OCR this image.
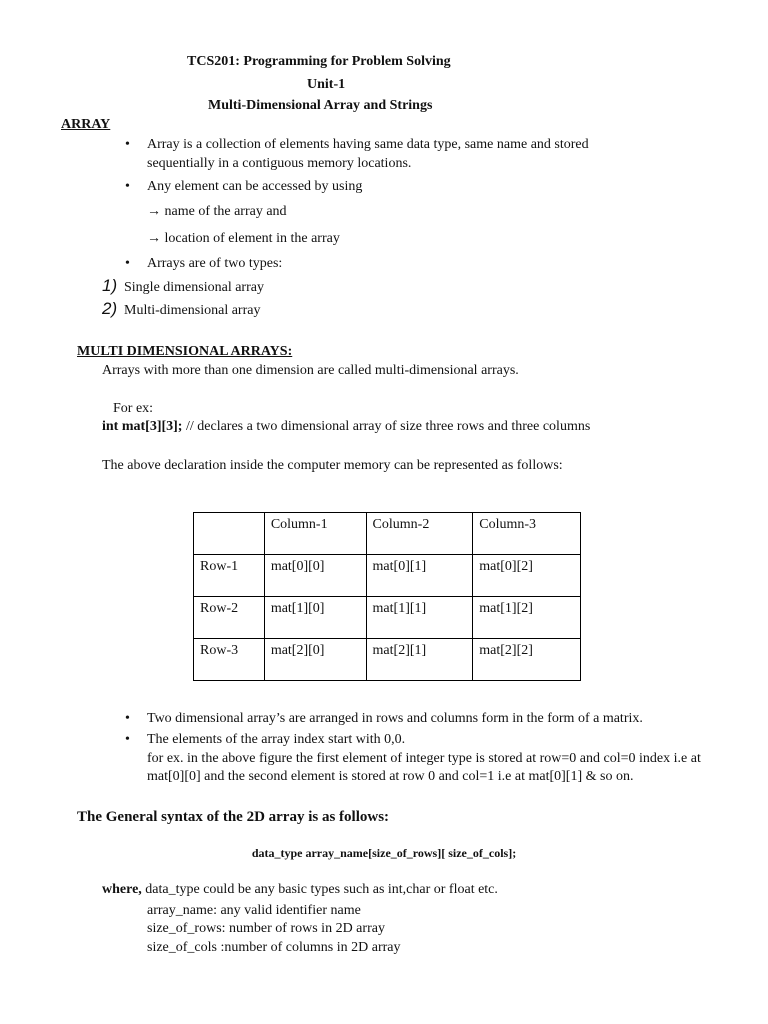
TCS201: Programming for Problem Solving
Unit-1
Multi-Dimensional Array and Strings
ARRAY
• Array is a collection of elements having same data type, same name and stored
sequentially in a contiguous memory locations.
• Any element can be accessed by using
→ name of the array and
→ location of element in the array
• Arrays are of two types:
1) Single dimensional array
2) Multi-dimensional array
MULTI DIMENSIONAL ARRAYS:
Arrays with more than one dimension are called multi-dimensional arrays.
For ex:
int mat[3][3]; // declares a two dimensional array of size three rows and three columns
The above declaration inside the computer memory can be represented as follows:
	Column-1	Column-2	Column-3
Row-1	mat[0][0]	mat[0][1]	mat[0][2]
Row-2	mat[1][0]	mat[1][1]	mat[1][2]
Row-3	mat[2][0]	mat[2][1]	mat[2][2]
• Two dimensional array’s are arranged in rows and columns form in the form of a matrix.
• The elements of the array index start with 0,0.
for ex. in the above figure the first element of integer type is stored at row=0 and col=0 index i.e at
mat[0][0] and the second element is stored at row 0 and col=1 i.e at mat[0][1] & so on.
The General syntax of the 2D array is as follows:
data_type array_name[size_of_rows][ size_of_cols];
where, data_type could be any basic types such as int,char or float etc.
array_name: any valid identifier name
size_of_rows: number of rows in 2D array
size_of_cols :number of columns in 2D array
